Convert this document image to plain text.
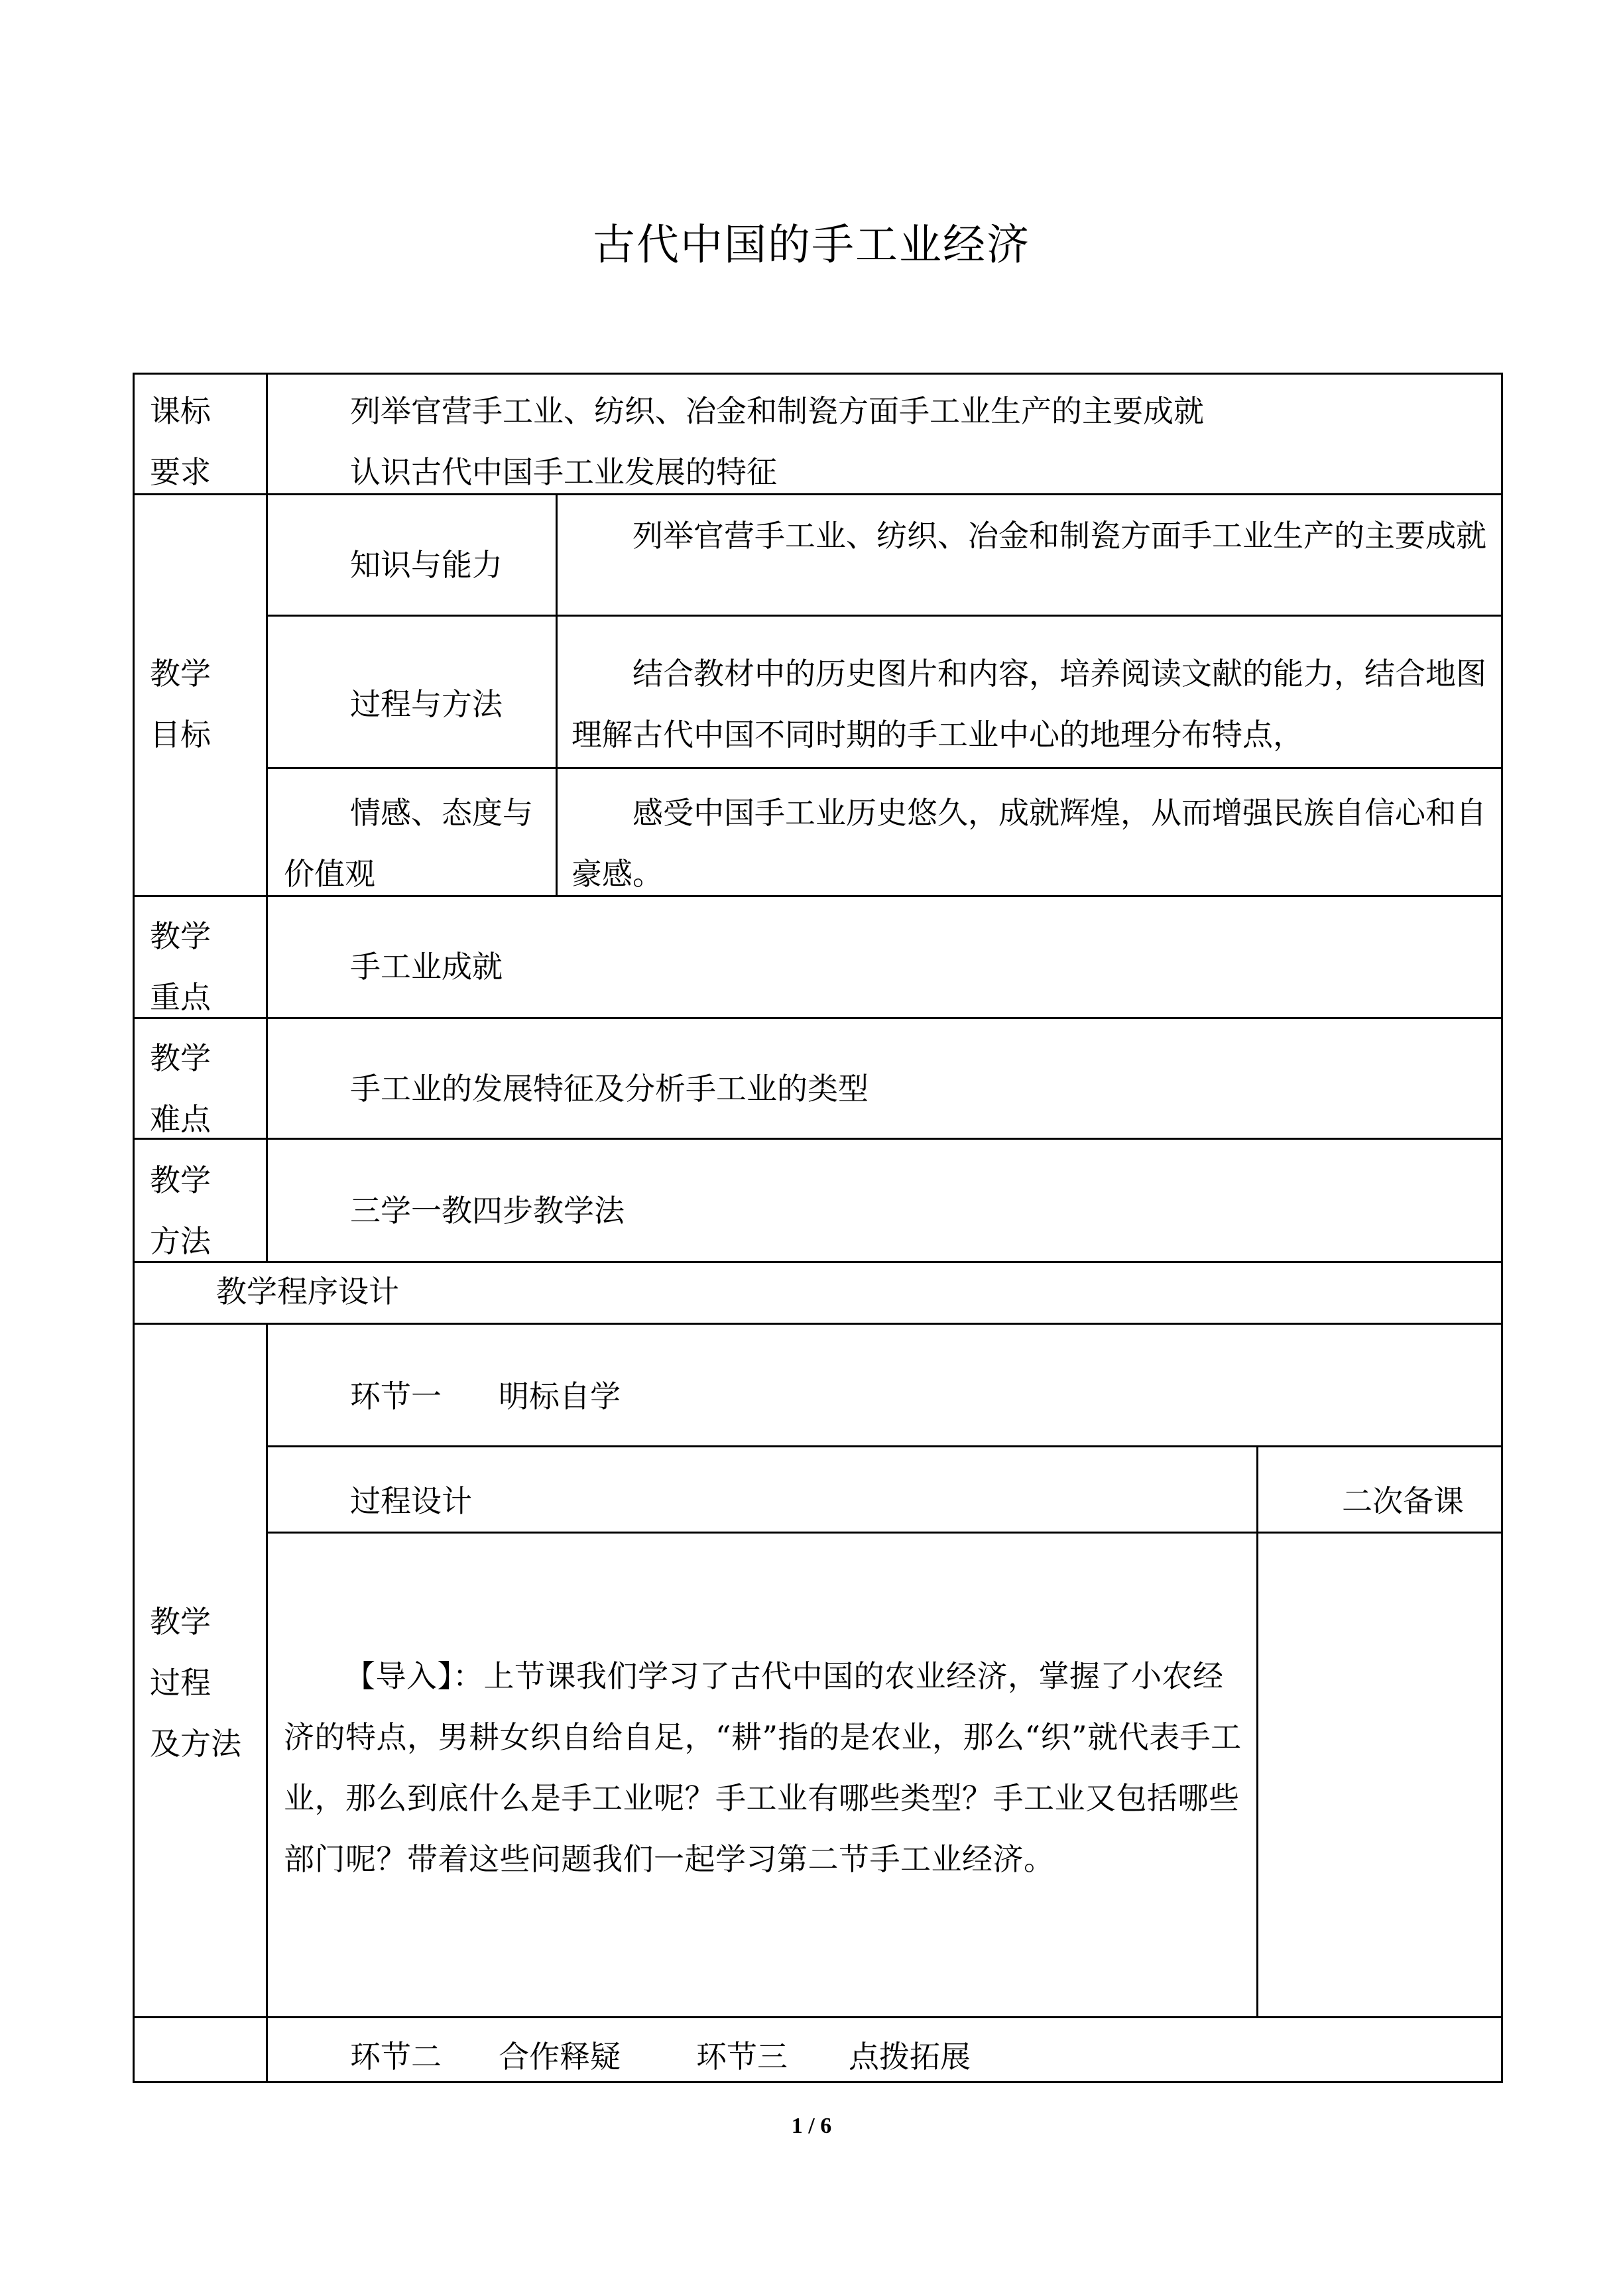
古代中国的手工业经济
课标
要求
列举官营手工业、纺织、冶金和制瓷方面手工业生产的主要成就
认识古代中国手工业发展的特征
教学
目标
知识与能力
列举官营手工业、纺织、冶金和制瓷方面手工业生产的主要成就
过程与方法
结合教材中的历史图片和内容，培养阅读文献的能力，结合地图理解古代中国不同时期的手工业中心的地理分布特点，
情感、态度与
价值观
感受中国手工业历史悠久，成就辉煌，从而增强民族自信心和自豪感。
教学
重点
手工业成就
教学
难点
手工业的发展特征及分析手工业的类型
教学
方法
三学一教四步教学法
教学程序设计
教学
过程
及方法
环节一 明标自学
过程设计	二次备课
【导入】：上节课我们学习了古代中国的农业经济，掌握了小农经济的特点，男耕女织自给自足，“耕”指的是农业，那么“织”就代表手工业，那么到底什么是手工业呢？手工业有哪些类型？手工业又包括哪些部门呢？带着这些问题我们一起学习第二节手工业经济。
环节二 合作释疑 环节三 点拨拓展
1 / 6
